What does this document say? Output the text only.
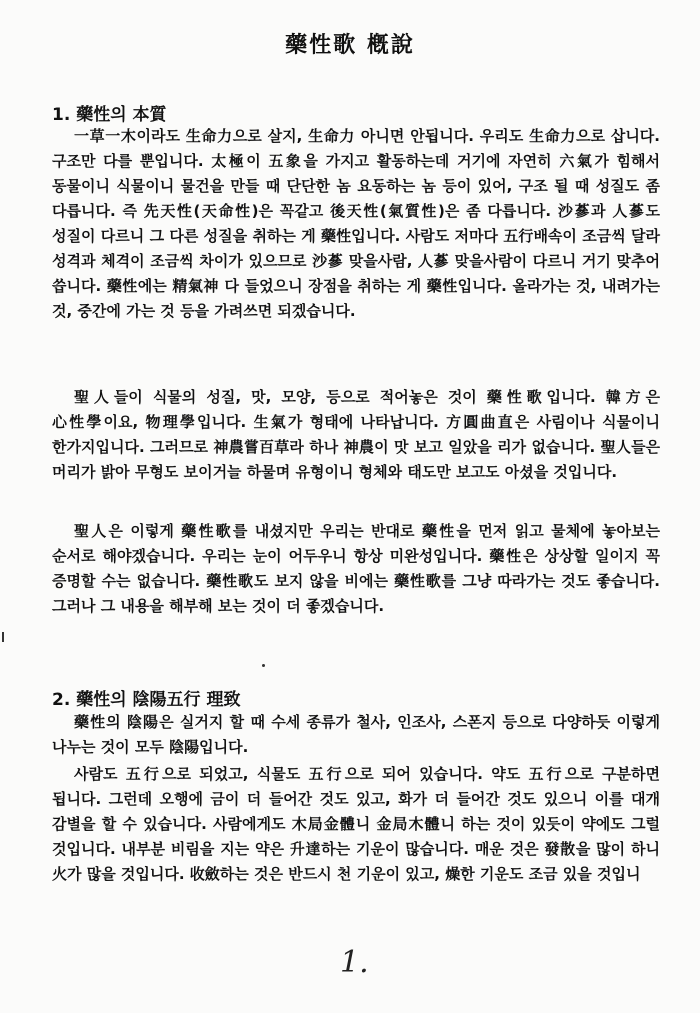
藥性歌 槪說
1. 藥性의 本質

一草一木이라도 生命力으로 살지, 生命力 아니면 안됩니다. 우리도 生命力으로 삽니다. 구조만 다를 뿐입니다. 太極이 五象을 가지고 활동하는데 거기에 자연히 六氣가 힘해서 동물이니 식물이니 물건을 만들 때 단단한 놈 요동하는 놈 등이 있어, 구조 될 때 성질도 좀 다릅니다. 즉 先天性(天命性)은 꼭같고 後天性(氣質性)은 좀 다릅니다. 沙蔘과 人蔘도 성질이 다르니 그 다른 성질을 취하는 게 藥性입니다. 사람도 저마다 五行배속이 조금씩 달라 성격과 체격이 조금씩 차이가 있으므로 沙蔘 맞을사람, 人蔘 맞을사람이 다르니 거기 맞추어 씁니다. 藥性에는 精氣神 다 들었으니 장점을 취하는 게 藥性입니다. 올라가는 것, 내려가는 것, 중간에 가는 것 등을 가려쓰면 되겠습니다.

聖人들이 식물의 성질, 맛, 모양, 등으로 적어놓은 것이 藥性歌입니다. 韓方은 心性學이요, 物理學입니다. 生氣가 형태에 나타납니다. 方圓曲直은 사림이나 식물이니 한가지입니다. 그러므로 神農嘗百草라 하나 神農이 맛 보고 일았을 리가 없습니다. 聖人들은 머리가 밝아 무형도 보이거늘 하물며 유형이니 형체와 태도만 보고도 아셨을 것입니다.

聖人은 이렇게 藥性歌를 내셨지만 우리는 반대로 藥性을 먼저 읽고 물체에 놓아보는 순서로 해야겠습니다. 우리는 눈이 어두우니 항상 미완성입니다. 藥性은 상상할 일이지 꼭 증명할 수는 없습니다. 藥性歌도 보지 않을 비에는 藥性歌를 그냥 따라가는 것도 좋습니다. 그러나 그 내용을 해부해 보는 것이 더 좋겠습니다.

2. 藥性의 陰陽五行 理致

藥性의 陰陽은 실거지 할 때 수세 종류가 철사, 인조사, 스폰지 등으로 다양하듯 이렇게 나누는 것이 모두 陰陽입니다.

사람도 五行으로 되었고, 식물도 五行으로 되어 있습니다. 약도 五行으로 구분하면 됩니다. 그런데 오행에 금이 더 들어간 것도 있고, 화가 더 들어간 것도 있으니 이를 대개 감별을 할 수 있습니다. 사람에게도 木局金體니 金局木體니 하는 것이 있듯이 약에도 그럴 것입니다. 내부분 비림을 지는 약은 升達하는 기운이 많습니다. 매운 것은 發散을 많이 하니 火가 많을 것입니다. 收斂하는 것은 반드시 천 기운이 있고, 燥한 기운도 조금 있을 것입니

1.
